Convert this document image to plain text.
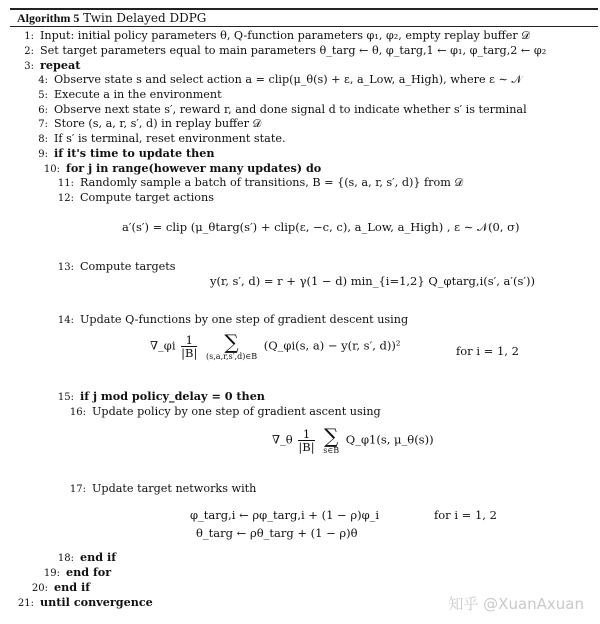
Algorithm 5 Twin Delayed DDPG
1: Input: initial policy parameters θ, Q-function parameters φ₁, φ₂, empty replay buffer 𝒟
2: Set target parameters equal to main parameters θ_targ ← θ, φ_targ,1 ← φ₁, φ_targ,2 ← φ₂
3: repeat
4: Observe state s and select action a = clip(μ_θ(s) + ε, a_Low, a_High), where ε ∼ 𝒩
5: Execute a in the environment
6: Observe next state s′, reward r, and done signal d to indicate whether s′ is terminal
7: Store (s, a, r, s′, d) in replay buffer 𝒟
8: If s′ is terminal, reset environment state.
9: if it's time to update then
10: for j in range(however many updates) do
11: Randomly sample a batch of transitions, B = {(s, a, r, s′, d)} from 𝒟
12: Compute target actions
a′(s′) = clip (μ_θtarg(s′) + clip(ε, −c, c), a_Low, a_High) , ε ∼ 𝒩(0, σ)
13: Compute targets
y(r, s′, d) = r + γ(1 − d) min_{i=1,2} Q_φtarg,i(s′, a′(s′))
14: Update Q-functions by one step of gradient descent using
∇_φi $\frac{1}{|B|}$
	∑
(s,a,r,s′,d)∈B
(Q_φi(s, a) − y(r, s′, d))²	for i = 1, 2
15: if j mod policy_delay = 0 then
16: Update policy by one step of gradient ascent using
∇_θ $\frac{1}{|B|}$
∑
s∈B
Q_φ1(s, μ_θ(s))
17: Update target networks with
φ_targ,i ← ρφ_targ,i + (1 − ρ)φ_i	for i = 1, 2
θ_targ ← ρθ_targ + (1 − ρ)θ
18: end if
19: end for
20: end if
21: until convergence	知乎 @XuanAxuan
